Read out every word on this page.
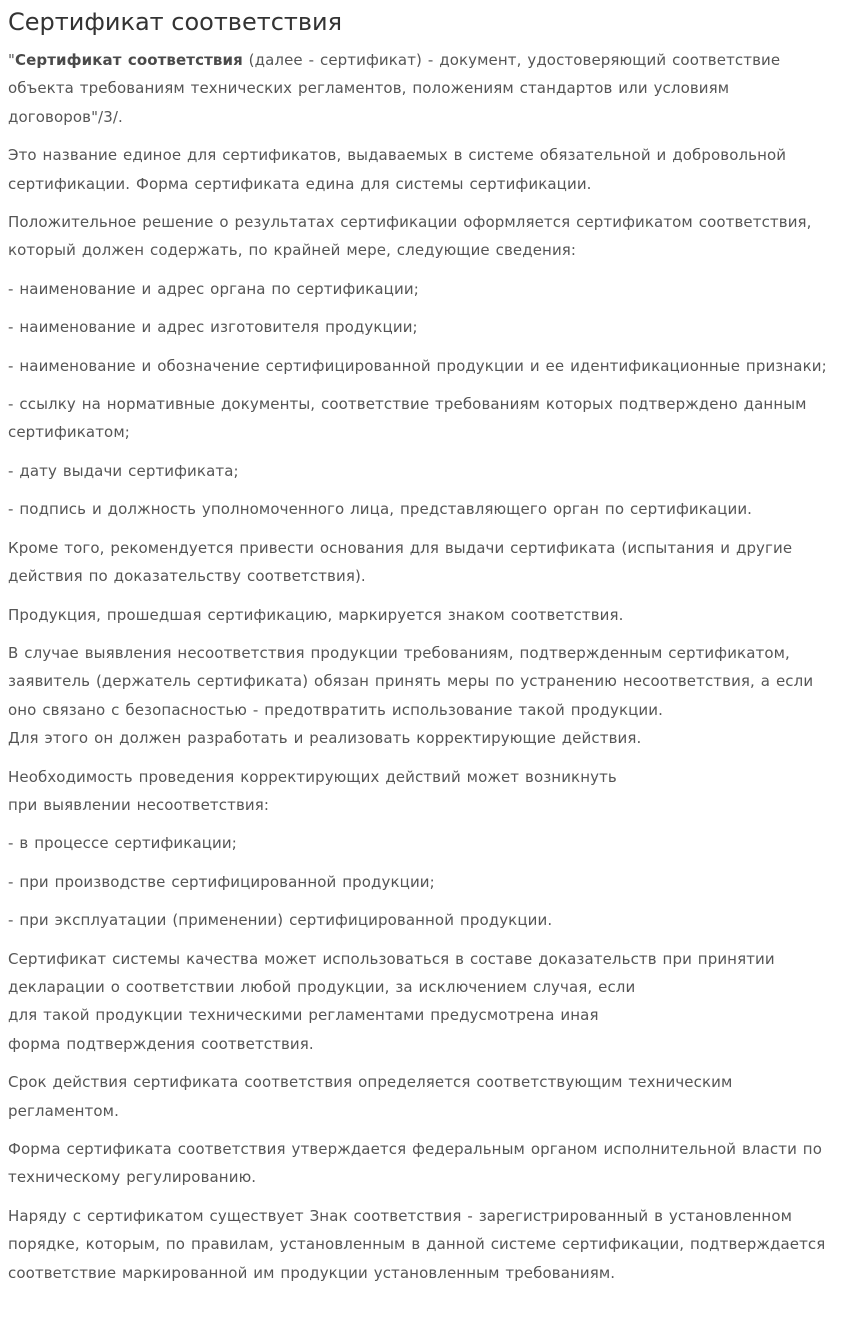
Сертификат соответствия

"Сертификат соответствия (далее - сертификат) - документ, удостоверяющий соответствие объекта требованиям технических регламентов, положениям стандартов или условиям договоров"/3/.

Это название единое для сертификатов, выдаваемых в системе обязательной и добровольной сертификации. Форма сертификата едина для системы сертификации.

Положительное решение о результатах сертификации оформляется сертификатом соответствия, который должен содержать, по крайней мере, следующие сведения:

- наименование и адрес органа по сертификации;

- наименование и адрес изготовителя продукции;

- наименование и обозначение сертифицированной продукции и ее идентификационные признаки;

- ссылку на нормативные документы, соответствие требованиям которых подтверждено данным сертификатом;

- дату выдачи сертификата;

- подпись и должность уполномоченного лица, представляющего орган по сертификации.

Кроме того, рекомендуется привести основания для выдачи сертификата (испытания и другие действия по доказательству соответствия).

Продукция, прошедшая сертификацию, маркируется знаком соответствия.

В случае выявления несоответствия продукции требованиям, подтвержденным сертификатом, заявитель (держатель сертификата) обязан принять меры по устранению несоответствия, а если оно связано с безопасностью - предотвратить использование такой продукции.
Для этого он должен разработать и реализовать корректирующие действия.

Необходимость проведения корректирующих действий может возникнуть
при выявлении несоответствия:

- в процессе сертификации;

- при производстве сертифицированной продукции;

- при эксплуатации (применении) сертифицированной продукции.

Сертификат системы качества может использоваться в составе доказательств при принятии декларации о соответствии любой продукции, за исключением случая, если
для такой продукции техническими регламентами предусмотрена иная
форма подтверждения соответствия.

Срок действия сертификата соответствия определяется соответствующим техническим регламентом.

Форма сертификата соответствия утверждается федеральным органом исполнительной власти по техническому регулированию.

Наряду с сертификатом существует Знак соответствия - зарегистрированный в установленном порядке, которым, по правилам, установленным в данной системе сертификации, подтверждается соответствие маркированной им продукции установленным требованиям.
